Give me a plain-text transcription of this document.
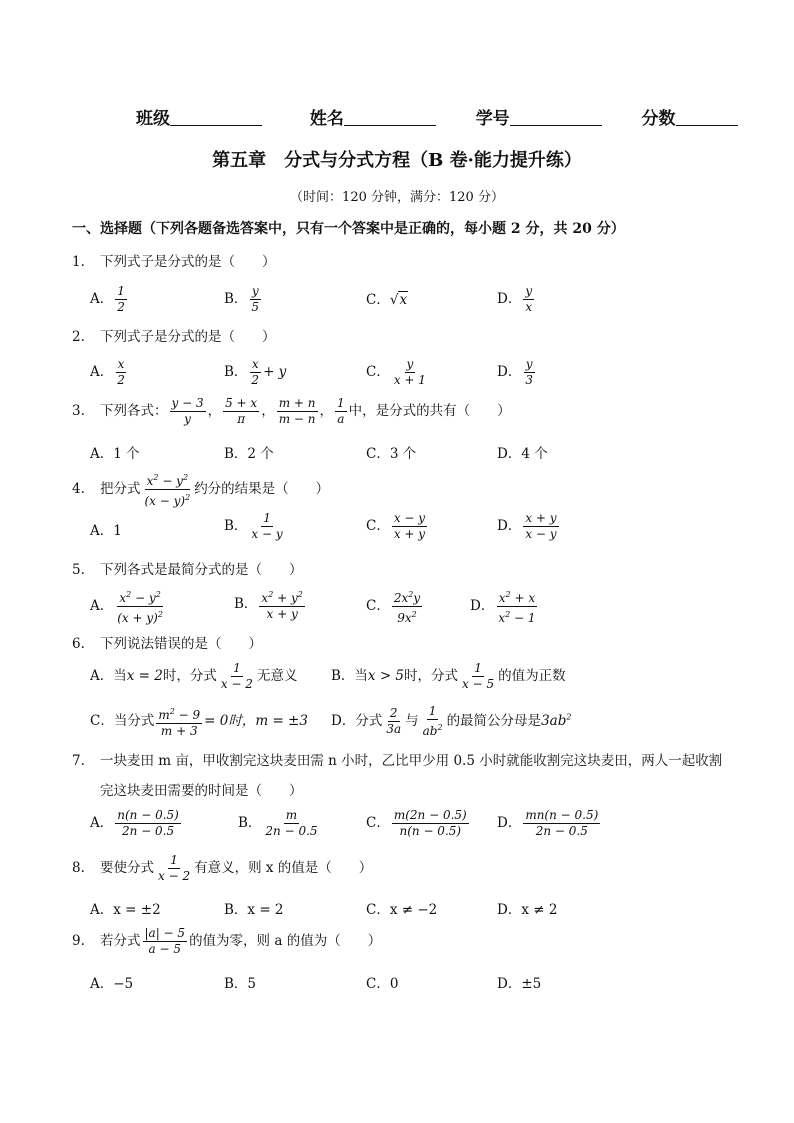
班级	姓名	学号	分数
第五章　分式与分式方程（B 卷·能力提升练）
（时间：120 分钟，满分：120 分）
一、选择题（下列各题备选答案中，只有一个答案中是正确的，每小题 2 分，共 20 分）
1. 下列式子是分式的是（　　）
A． $\frac{1}{2}$	B． $\frac{y}{5}$	C．√x	D． $\frac{y}{x}$
2. 下列式子是分式的是（　　）
A． $\frac{x}{2}$	B． $\frac{x}{2} + y$	C． $\frac{y}{x + 1}$	D． $\frac{y}{3}$
3. 下列各式： $\frac{y - 3}{y}$ ， $\frac{5 + x}{\pi}$ ， $\frac{m + n}{m - n}$ ， $\frac{1}{a}$ 中，是分式的共有（　　）
A．1 个	B．2 个	C．3 个	D．4 个
4. 把分式 $\frac{x^2 - y^2}{(x - y)^2}$ 约分的结果是（　　）
A．1	B． $\frac{1}{x - y}$	C． $\frac{x - y}{x + y}$	D． $\frac{x + y}{x - y}$
5. 下列各式是最简分式的是（　　）
A． $\frac{x^2 - y^2}{(x + y)^2}$	B． $\frac{x^2 + y^2}{x + y}$	C． $\frac{2x^2y}{9x^2}$	D． $\frac{x^2 + x}{x^2 - 1}$
6. 下列说法错误的是（　　）
A．当x = 2时，分式 $\frac{1}{x - 2}$ 无意义 B．当x > 5时，分式 $\frac{1}{x - 5}$ 的值为正数
C．当分式 $\frac{m^2 - 9}{m + 3} = 0$时，m = ±3 D．分式 $\frac{2}{3a}$ 与 $\frac{1}{ab^2}$ 的最简公分母是$3ab^2$
7. 一块麦田 m 亩，甲收割完这块麦田需 n 小时，乙比甲少用 0.5 小时就能收割完这块麦田，两人一起收割
完这块麦田需要的时间是（　　）
A． $\frac{n(n - 0.5)}{2n - 0.5}$	B． $\frac{m}{2n - 0.5}$	C． $\frac{m(2n - 0.5)}{n(n - 0.5)}$ D． $\frac{mn(n - 0.5)}{2n - 0.5}$
8. 要使分式 $\frac{1}{x - 2}$ 有意义，则 x 的值是（　　）
A．x = ±2	B．x = 2	C．x ≠ −2	D．x ≠ 2
9. 若分式 $\frac{|a| - 5}{a - 5}$ 的值为零，则 a 的值为（　　）
A．−5	B．5	C．0	D．±5
